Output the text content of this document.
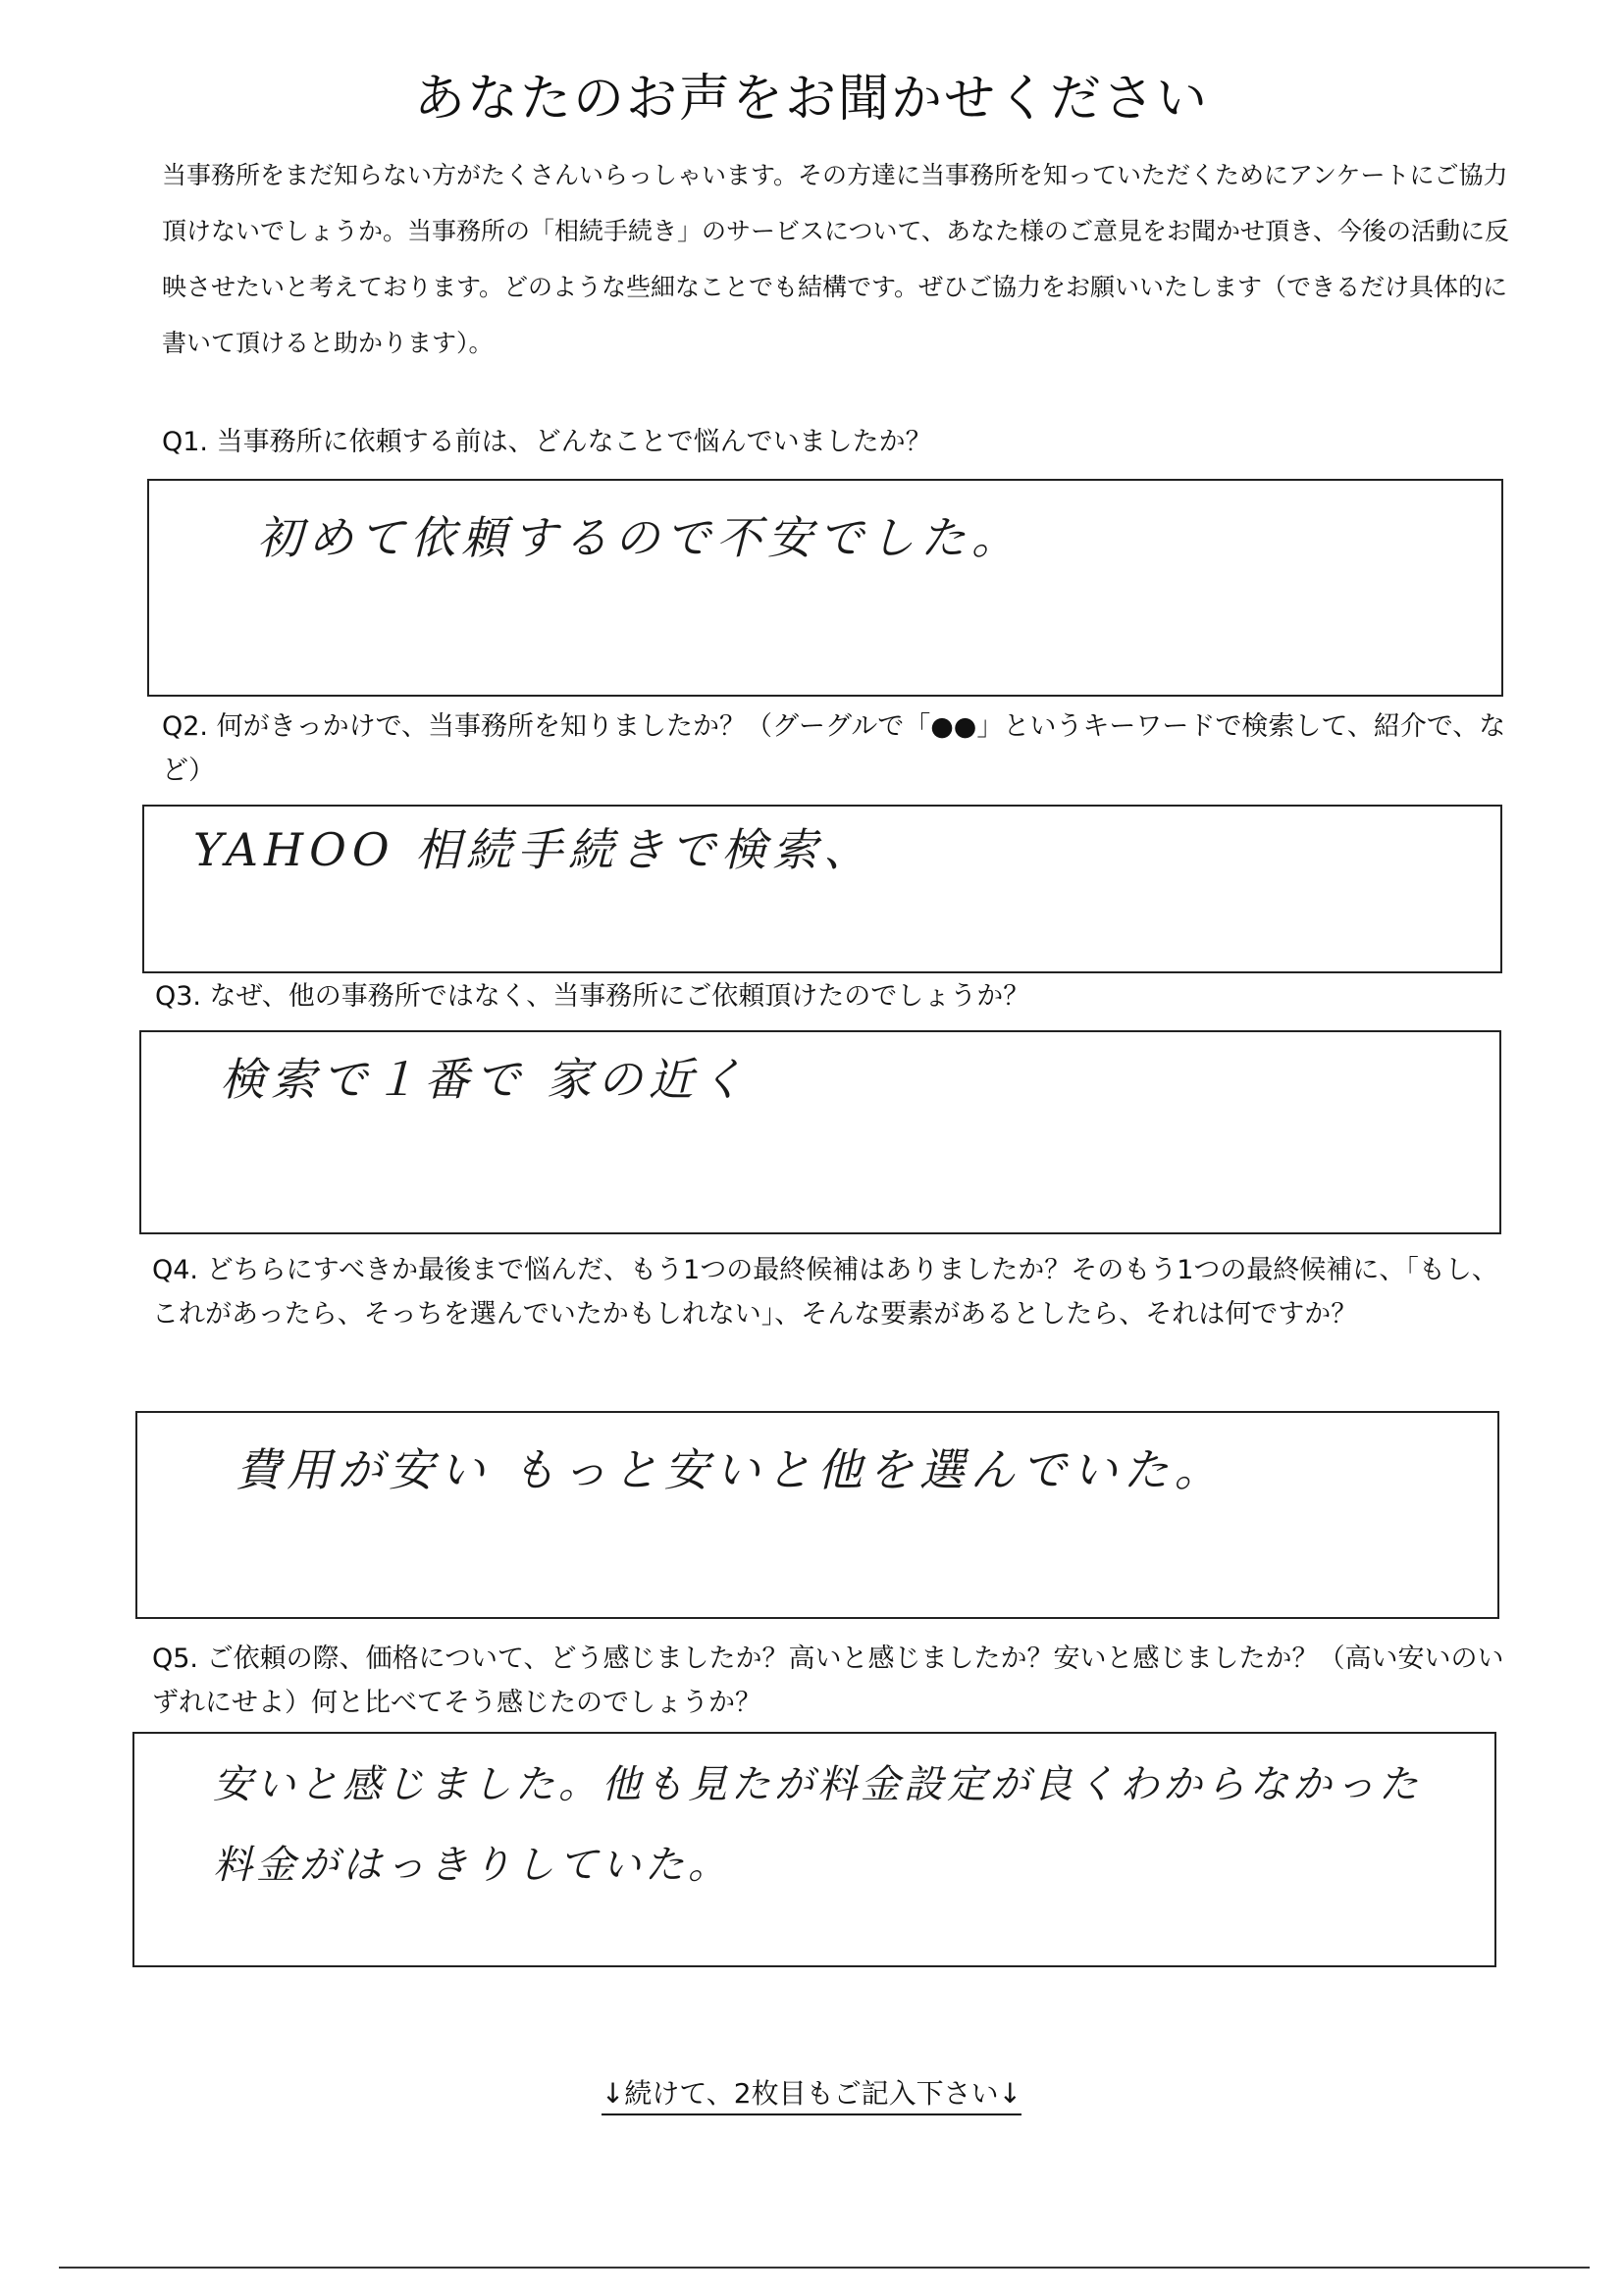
あなたのお声をお聞かせください
当事務所をまだ知らない方がたくさんいらっしゃいます。その方達に当事務所を知っていただくためにアンケートにご協力頂けないでしょうか。当事務所の「相続手続き」のサービスについて、あなた様のご意見をお聞かせ頂き、今後の活動に反映させたいと考えております。どのような些細なことでも結構です。ぜひご協力をお願いいたします（できるだけ具体的に書いて頂けると助かります）。
Q1. 当事務所に依頼する前は、どんなことで悩んでいましたか？
初めて依頼するので不安でした。
Q2. 何がきっかけで、当事務所を知りましたか？（グーグルで「●●」というキーワードで検索して、紹介で、など）
YAHOO 相続手続きで検索、
Q3. なぜ、他の事務所ではなく、当事務所にご依頼頂けたのでしょうか？
検索で１番で 家の近く
Q4. どちらにすべきか最後まで悩んだ、もう1つの最終候補はありましたか？そのもう1つの最終候補に、「もし、これがあったら、そっちを選んでいたかもしれない」、そんな要素があるとしたら、それは何ですか？
費用が安い もっと安いと他を選んでいた。
Q5. ご依頼の際、価格について、どう感じましたか？高いと感じましたか？安いと感じましたか？（高い安いのいずれにせよ）何と比べてそう感じたのでしょうか？
安いと感じました。他も見たが料金設定が良くわからなかった
料金がはっきりしていた。
↓続けて、2枚目もご記入下さい↓
